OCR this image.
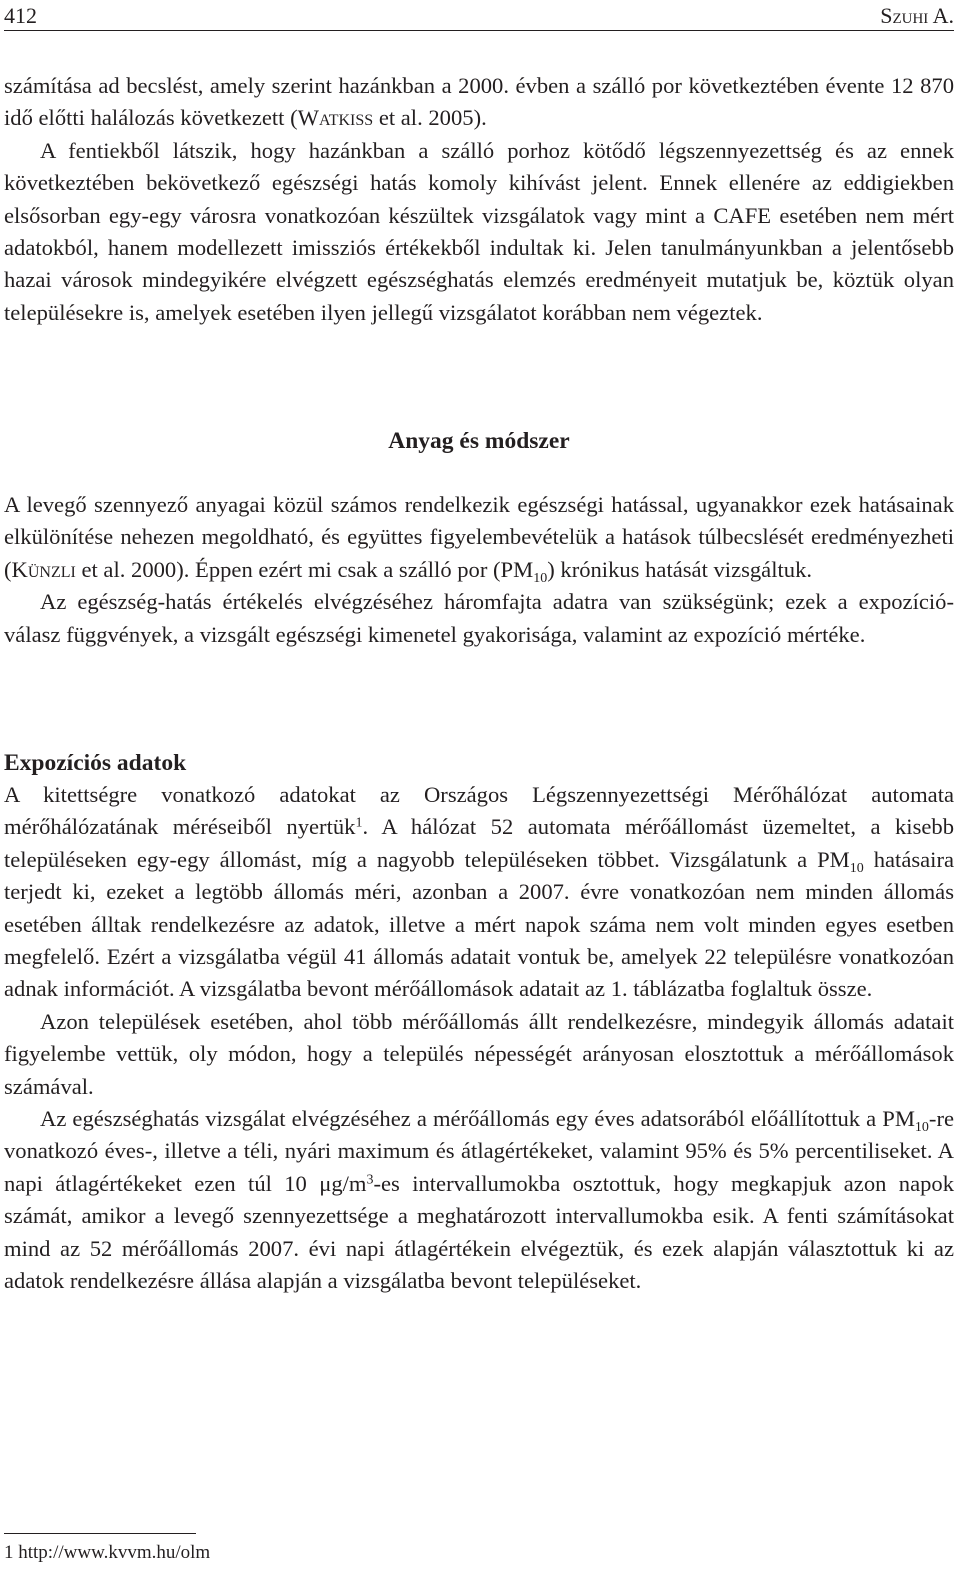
412	Szuhi A.

számítása ad becslést, amely szerint hazánkban a 2000. évben a szálló por következtében évente 12 870 idő előtti halálozás következett (Watkiss et al. 2005).

A fentiekből látszik, hogy hazánkban a szálló porhoz kötődő légszennyezettség és az ennek következtében bekövetkező egészségi hatás komoly kihívást jelent. Ennek ellenére az eddigiekben elsősorban egy-egy városra vonatkozóan készültek vizsgálatok vagy mint a CAFE esetében nem mért adatokból, hanem modellezett imissziós értékekből indultak ki. Jelen tanulmányunkban a jelentősebb hazai városok mindegyikére elvégzett egészséghatás elemzés eredményeit mutatjuk be, köztük olyan településekre is, amelyek esetében ilyen jellegű vizsgálatot korábban nem végeztek.

Anyag és módszer

A levegő szennyező anyagai közül számos rendelkezik egészségi hatással, ugyanakkor ezek hatásainak elkülönítése nehezen megoldható, és együttes figyelembevételük a hatások túlbecslését eredményezheti (Künzli et al. 2000). Éppen ezért mi csak a szálló por $(PM_{10})$ krónikus hatását vizsgáltuk.

Az egészség-hatás értékelés elvégzéséhez háromfajta adatra van szükségünk; ezek a expozíció-válasz függvények, a vizsgált egészségi kimenetel gyakorisága, valamint az expozíció mértéke.

Expozíciós adatok

A kitettségre vonatkozó adatokat az Országos Légszennyezettségi Mérőhálózat automata mérőhálózatának méréseiből nyertük$^1$. A hálózat 52 automata mérőállomást üzemeltet, a kisebb településeken egy-egy állomást, míg a nagyobb településeken többet. Vizsgálatunk a $PM_{10}$ hatásaira terjedt ki, ezeket a legtöbb állomás méri, azonban a 2007. évre vonatkozóan nem minden állomás esetében álltak rendelkezésre az adatok, illetve a mért napok száma nem volt minden egyes esetben megfelelő. Ezért a vizsgálatba végül 41 állomás adatait vontuk be, amelyek 22 településre vonatkozóan adnak információt. A vizsgálatba bevont mérőállomások adatait az 1. táblázatba foglaltuk össze.

Azon települések esetében, ahol több mérőállomás állt rendelkezésre, mindegyik állomás adatait figyelembe vettük, oly módon, hogy a település népességét arányosan elosztottuk a mérőállomások számával.

Az egészséghatás vizsgálat elvégzéséhez a mérőállomás egy éves adatsorából előállítottuk a $PM_{10}-re$ vonatkozó éves-, illetve a téli, nyári maximum és átlagértékeket, valamint 95% és 5% percentiliseket. A napi átlagértékeket ezen túl 10 $\mu g/m^3-es$ intervallumokba osztottuk, hogy megkapjuk azon napok számát, amikor a levegő szennyezettsége a meghatározott intervallumokba esik. A fenti számításokat mind az 52 mérőállomás 2007. évi napi átlagértékein elvégeztük, és ezek alapján választottuk ki az adatok rendelkezésre állása alapján a vizsgálatba bevont településeket.

1 http://www.kvvm.hu/olm
